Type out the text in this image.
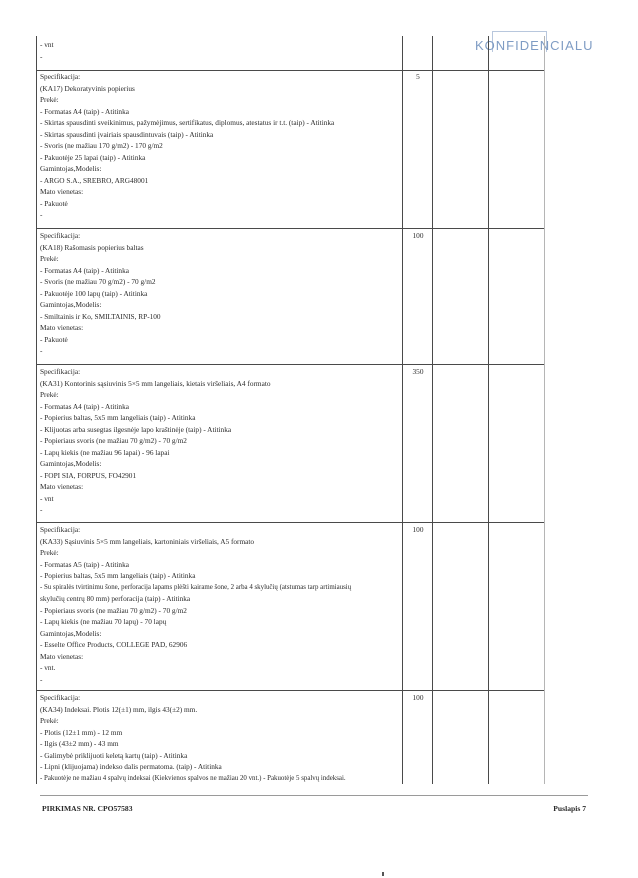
KONFIDENCIALU
- vnt
-
Specifikacija:
(KA17) Dekoratyvinis popierius
Prekė:
- Formatas A4 (taip) - Atitinka
- Skirtas spausdinti sveikinimus, pažymėjimus, sertifikatus, diplomus, atestatus ir t.t. (taip) - Atitinka
- Skirtas spausdinti įvairiais spausdintuvais (taip) - Atitinka
- Svoris (ne mažiau 170 g/m2) - 170 g/m2
- Pakuotėje 25 lapai (taip) - Atitinka
Gamintojas,Modelis:
- ARGO S.A., SREBRO, ARG48001
Mato vienetas:
- Pakuotė
-
5
Specifikacija:
(KA18) Rašomasis popierius baltas
Prekė:
- Formatas A4 (taip) - Atitinka
- Svoris (ne mažiau 70 g/m2) - 70 g/m2
- Pakuotėje 100 lapų (taip) - Atitinka
Gamintojas,Modelis:
- Smiltainis ir Ko, SMILTAINIS, RP-100
Mato vienetas:
- Pakuotė
-
100
Specifikacija:
(KA31) Kontorinis sąsiuvinis 5×5 mm langeliais, kietais viršeliais, A4 formato
Prekė:
- Formatas A4 (taip) - Atitinka
- Popierius baltas, 5x5 mm langeliais (taip) - Atitinka
- Klijuotas arba susegtas ilgesnėje lapo kraštinėje (taip) - Atitinka
- Popieriaus svoris (ne mažiau 70 g/m2) - 70 g/m2
- Lapų kiekis (ne mažiau 96 lapai) - 96 lapai
Gamintojas,Modelis:
- FOPI SIA, FORPUS, FO42901
Mato vienetas:
- vnt
-
350
Specifikacija:
(KA33) Sąsiuvinis 5×5 mm langeliais, kartoniniais viršeliais, A5 formato
Prekė:
- Formatas A5 (taip) - Atitinka
- Popierius baltas, 5x5 mm langeliais (taip) - Atitinka
- Su spiralės tvirtinimu šone, perforacija lapams plėšti kairame šone, 2 arba 4 skylučių (atstumas tarp artimiausių
skylučių centrų 80 mm) perforacija (taip) - Atitinka
- Popieriaus svoris (ne mažiau 70 g/m2) - 70 g/m2
- Lapų kiekis (ne mažiau 70 lapų) - 70 lapų
Gamintojas,Modelis:
- Esselte Office Products, COLLEGE PAD, 62906
Mato vienetas:
- vnt.
-
100
Specifikacija:
(KA34) Indeksai. Plotis 12(±1) mm, ilgis 43(±2) mm.
Prekė:
- Plotis (12±1 mm) - 12 mm
- Ilgis (43±2 mm) - 43 mm
- Galimybė priklijuoti keletą kartų (taip) - Atitinka
- Lipni (klijuojama) indekso dalis permatoma. (taip) - Atitinka
- Pakuotėje ne mažiau 4 spalvų indeksai (Kiekvienos spalvos ne mažiau 20 vnt.) - Pakuotėje 5 spalvų indeksai.
100
PIRKIMAS NR. CPO57583	Puslapis 7
